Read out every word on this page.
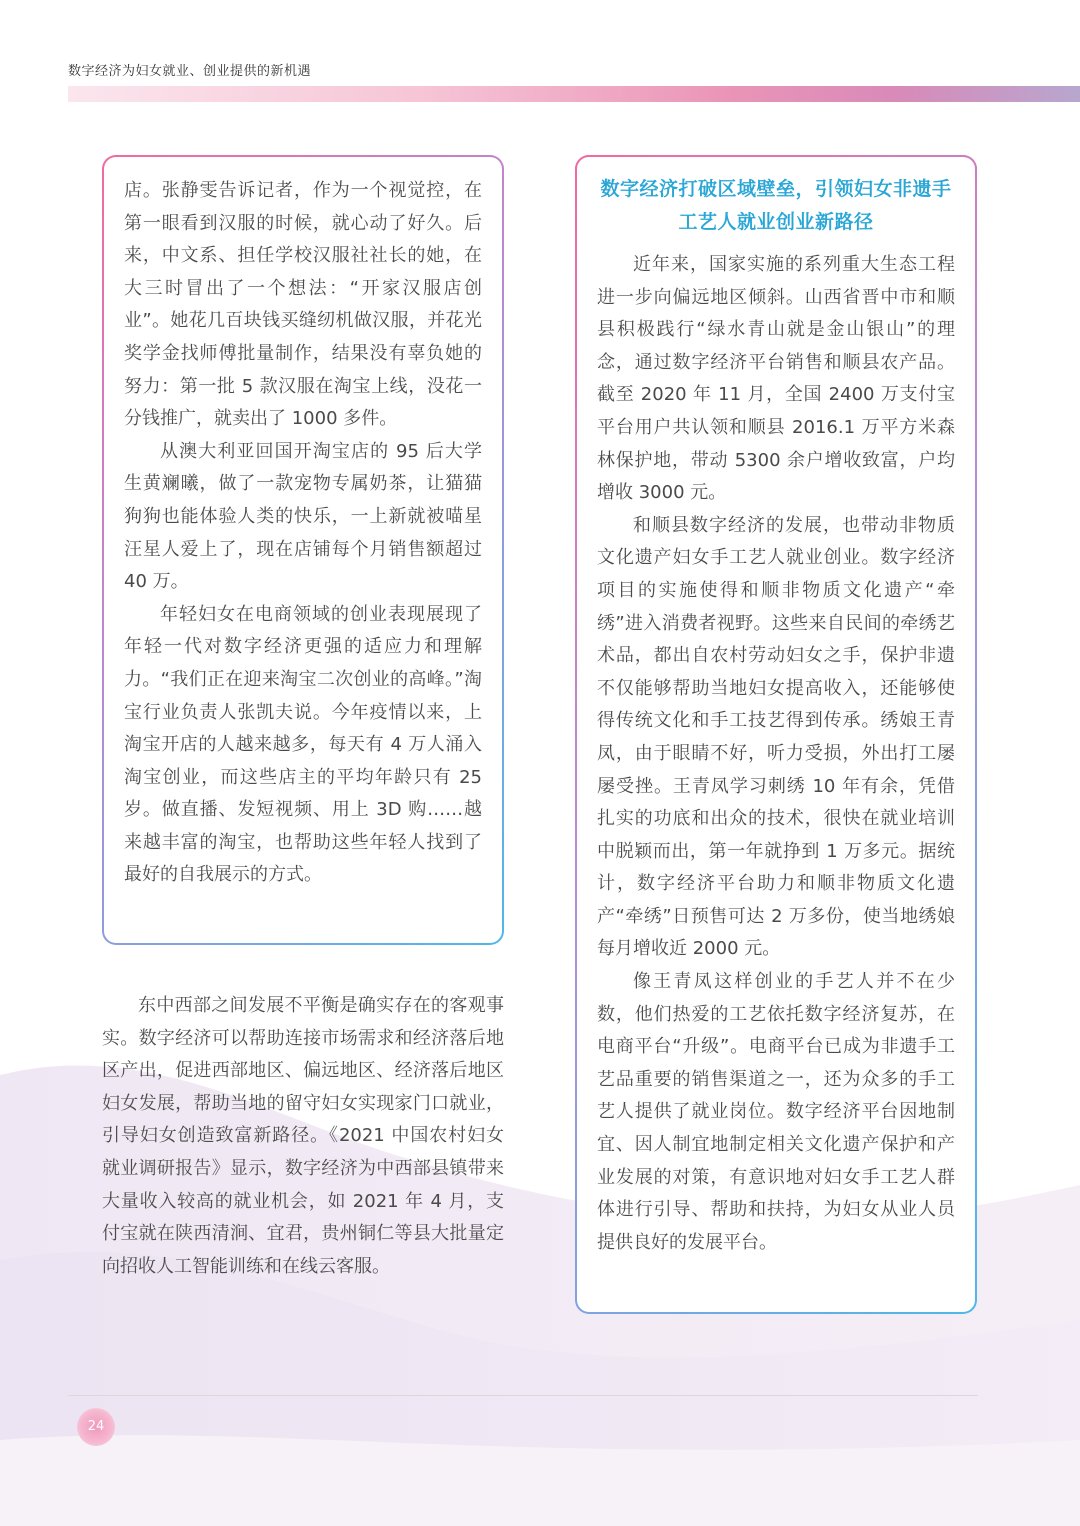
数字经济为妇女就业、创业提供的新机遇

店。张静雯告诉记者，作为一个视觉控，在第一眼看到汉服的时候，就心动了好久。后来，中文系、担任学校汉服社社长的她，在大三时冒出了一个想法：“开家汉服店创业”。她花几百块钱买缝纫机做汉服，并花光奖学金找师傅批量制作，结果没有辜负她的努力：第一批 5 款汉服在淘宝上线，没花一分钱推广，就卖出了 1000 多件。

从澳大利亚回国开淘宝店的 95 后大学生黄斓曦，做了一款宠物专属奶茶，让猫猫狗狗也能体验人类的快乐，一上新就被喵星汪星人爱上了，现在店铺每个月销售额超过 40 万。

年轻妇女在电商领域的创业表现展现了年轻一代对数字经济更强的适应力和理解力。“我们正在迎来淘宝二次创业的高峰。”淘宝行业负责人张凯夫说。今年疫情以来，上淘宝开店的人越来越多，每天有 4 万人涌入淘宝创业，而这些店主的平均年龄只有 25 岁。做直播、发短视频、用上 3D 购……越来越丰富的淘宝，也帮助这些年轻人找到了最好的自我展示的方式。

东中西部之间发展不平衡是确实存在的客观事实。数字经济可以帮助连接市场需求和经济落后地区产出，促进西部地区、偏远地区、经济落后地区妇女发展，帮助当地的留守妇女实现家门口就业，引导妇女创造致富新路径。《2021 中国农村妇女就业调研报告》显示，数字经济为中西部县镇带来大量收入较高的就业机会，如 2021 年 4 月，支付宝就在陕西清涧、宜君，贵州铜仁等县大批量定向招收人工智能训练和在线云客服。

数字经济打破区域壁垒，引领妇女非遗手工艺人就业创业新路径

近年来，国家实施的系列重大生态工程进一步向偏远地区倾斜。山西省晋中市和顺县积极践行“绿水青山就是金山银山”的理念，通过数字经济平台销售和顺县农产品。截至 2020 年 11 月，全国 2400 万支付宝平台用户共认领和顺县 2016.1 万平方米森林保护地，带动 5300 余户增收致富，户均增收 3000 元。

和顺县数字经济的发展，也带动非物质文化遗产妇女手工艺人就业创业。数字经济项目的实施使得和顺非物质文化遗产“牵绣”进入消费者视野。这些来自民间的牵绣艺术品，都出自农村劳动妇女之手，保护非遗不仅能够帮助当地妇女提高收入，还能够使得传统文化和手工技艺得到传承。绣娘王青凤，由于眼睛不好，听力受损，外出打工屡屡受挫。王青凤学习刺绣 10 年有余，凭借扎实的功底和出众的技术，很快在就业培训中脱颖而出，第一年就挣到 1 万多元。据统计，数字经济平台助力和顺非物质文化遗产“牵绣”日预售可达 2 万多份，使当地绣娘每月增收近 2000 元。

像王青凤这样创业的手艺人并不在少数，他们热爱的工艺依托数字经济复苏，在电商平台“升级”。电商平台已成为非遗手工艺品重要的销售渠道之一，还为众多的手工艺人提供了就业岗位。数字经济平台因地制宜、因人制宜地制定相关文化遗产保护和产业发展的对策，有意识地对妇女手工艺人群体进行引导、帮助和扶持，为妇女从业人员提供良好的发展平台。

24
